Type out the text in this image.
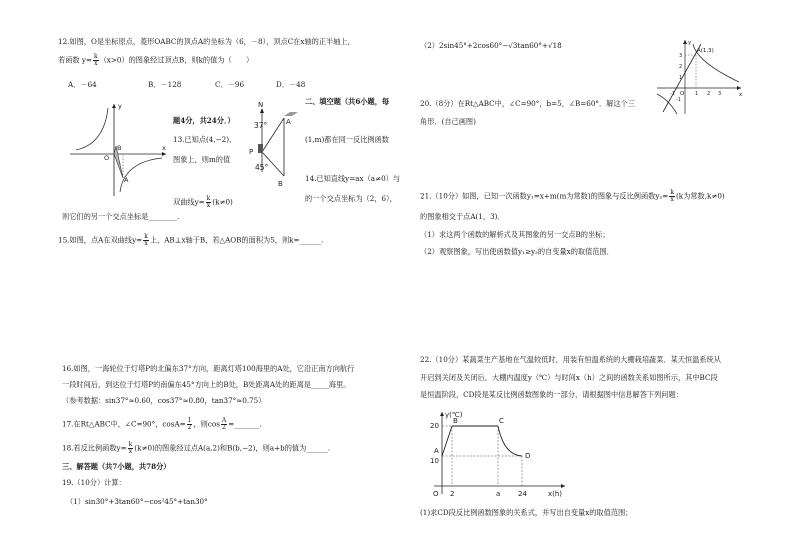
12.如图，O是坐标原点，菱形OABC的顶点A的坐标为（6，－8），顶点C在x轴的正半轴上，
若函数 $y= \frac{k}{x} (x>0)$的图象经过顶点B，则k的值为（　　）
A．－64	B．－128	C．－96	D．－48
y
x
O
B
A
二、填空题（共6小题，每
题4分，共24分．）
13.已知点(4,−2)、	(1,m)都在同一反比例函数
图象上，则m的值
N
37°
45°
P
A
B
14.已知直线y=ax（a≠0）与
双曲线$y= \frac{k}{x} (k\ne 0)$	的一个交点坐标为（2，6），
则它们的另一个交点坐标是________.
15.如图，点A在双曲线$y= \frac{k}{x}$ 上，AB⊥x轴于B，若△AOB的面积为5，则k=______.
16.如图，一海轮位于灯塔P的北偏东37°方向，距离灯塔100海里的A处，它沿正南方向航行
一段时间后，到达位于灯塔P的南偏东45°方向上的B处，B处距离A处的距离是_____海里。
（参考数据：sin37°≈0.60，cos37°≈0.80，tan37°≈0.75）
17.在Rt△ABC中，∠C=90°，$\cos A= \frac{1}{2}$ ，则$\cos \frac{A}{2}$ =_______.
18.若反比例函数$y= \frac{k}{x} (k\ne 0)$的图象经过点A(a,2)和B(b,−2)，则a+b的值为______.
三、解答题（共7小题，共78分）
19.（10分）计算：
（1）sin30°+3tan60°−cos²45°+tan30°
（2）2sin45°+2cos60°−√3tan60°+√18	y
x
A(1,3)
O
-1	1 2 3
3
2
1
-1
20.（8分）在Rt△ABC中，∠C=90°，b=5，∠B=60°．解这个三
角形．(自己画图)
21.（10分）如图，已知一次函数y₁=x+m(m为常数)的图象与反比例函数$y_2= \frac{k}{x} (k$为常数,k≠0)
的图象相交于点A(1，3)．
（1）求这两个函数的解析式及其图象的另一交点B的坐标；
（2）观察图象，写出使函数值y₁≥y₂的自变量x的取值范围．
22.（10分）某蔬菜生产基地在气温较低时，用装有恒温系统的大棚栽培蔬菜．某天恒温系统从
开启到关闭及关闭后，大棚内温度y（℃）与时间x（h）之间的函数关系如图所示，其中BC段
是恒温阶段，CD段是某反比例函数图象的一部分，请根据图中信息解答下列问题：
y(℃)
x(h)
A
B	C
D
O 2	a	24
10
20
(1)求CD段反比例函数图象的关系式，并写出自变量x的取值范围；
